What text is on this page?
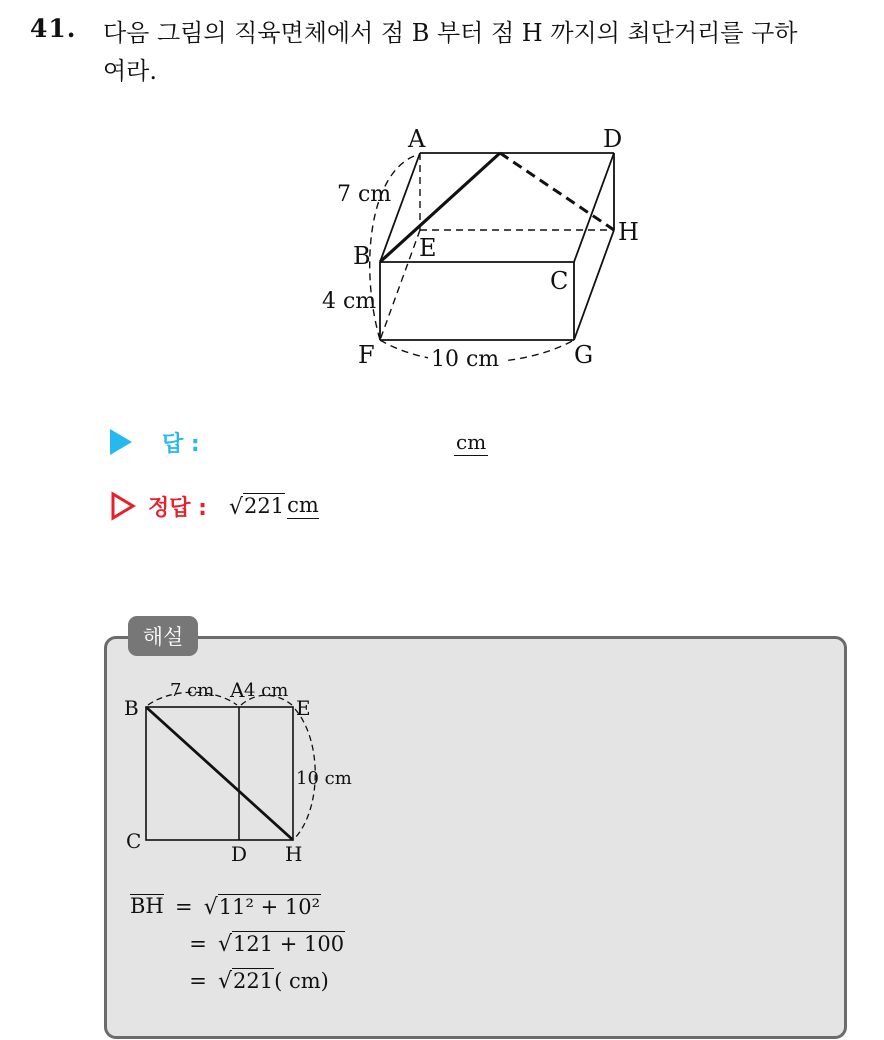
41. 다음 그림의 직육면체에서 점 B 부터 점 H 까지의 최단거리를 구하
여라.
A	D
H
B E
C
F	G
7 cm
4 cm
10 cm
답 :	cm
정답 : √ 221 cm
해설
B
A
E
C
D H
7 cm 4 cm
10 cm
BH = √ 11² + 10²
= √ 121 + 100
= √ 221 ( cm)
